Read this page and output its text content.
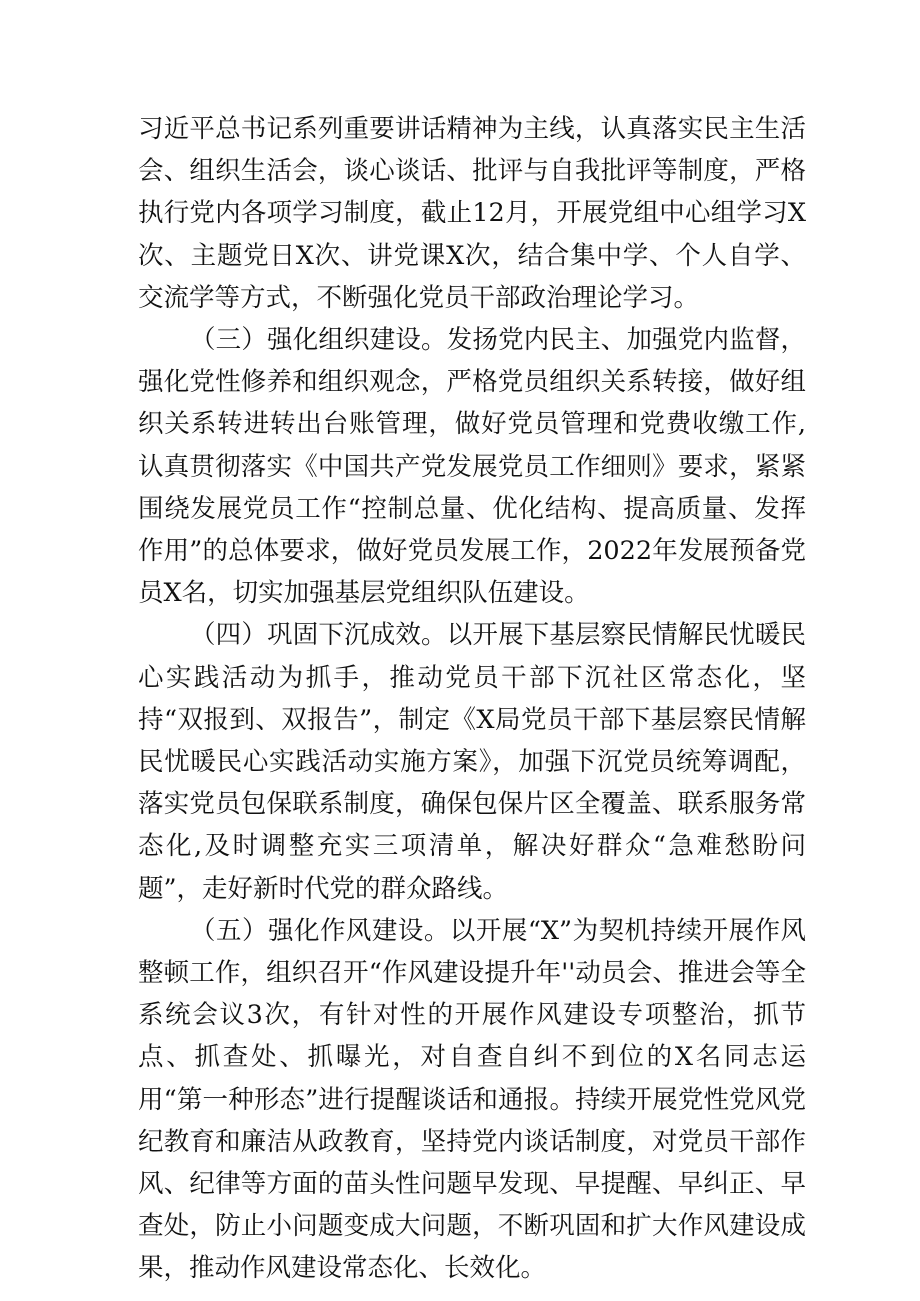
习近平总书记系列重要讲话精神为主线，认真落实民主生活会、组织生活会，谈心谈话、批评与自我批评等制度，严格执行党内各项学习制度，截止12月，开展党组中心组学习X次、主题党日X次、讲党课X次，结合集中学、个人自学、交流学等方式，不断强化党员干部政治理论学习。

（三）强化组织建设。发扬党内民主、加强党内监督，强化党性修养和组织观念，严格党员组织关系转接，做好组织关系转进转出台账管理，做好党员管理和党费收缴工作,认真贯彻落实《中国共产党发展党员工作细则》要求，紧紧围绕发展党员工作“控制总量、优化结构、提高质量、发挥作用”的总体要求，做好党员发展工作，2022年发展预备党员X名，切实加强基层党组织队伍建设。

（四）巩固下沉成效。以开展下基层察民情解民忧暖民心实践活动为抓手，推动党员干部下沉社区常态化，坚持“双报到、双报告”，制定《X局党员干部下基层察民情解民忧暖民心实践活动实施方案》，加强下沉党员统筹调配，落实党员包保联系制度，确保包保片区全覆盖、联系服务常态化,及时调整充实三项清单，解决好群众“急难愁盼问题”，走好新时代党的群众路线。

（五）强化作风建设。以开展“X”为契机持续开展作风整顿工作，组织召开“作风建设提升年''动员会、推进会等全系统会议3次，有针对性的开展作风建设专项整治，抓节点、抓查处、抓曝光，对自查自纠不到位的X名同志运用“第一种形态”进行提醒谈话和通报。持续开展党性党风党纪教育和廉洁从政教育，坚持党内谈话制度，对党员干部作风、纪律等方面的苗头性问题早发现、早提醒、早纠正、早查处，防止小问题变成大问题，不断巩固和扩大作风建设成果，推动作风建设常态化、长效化。
